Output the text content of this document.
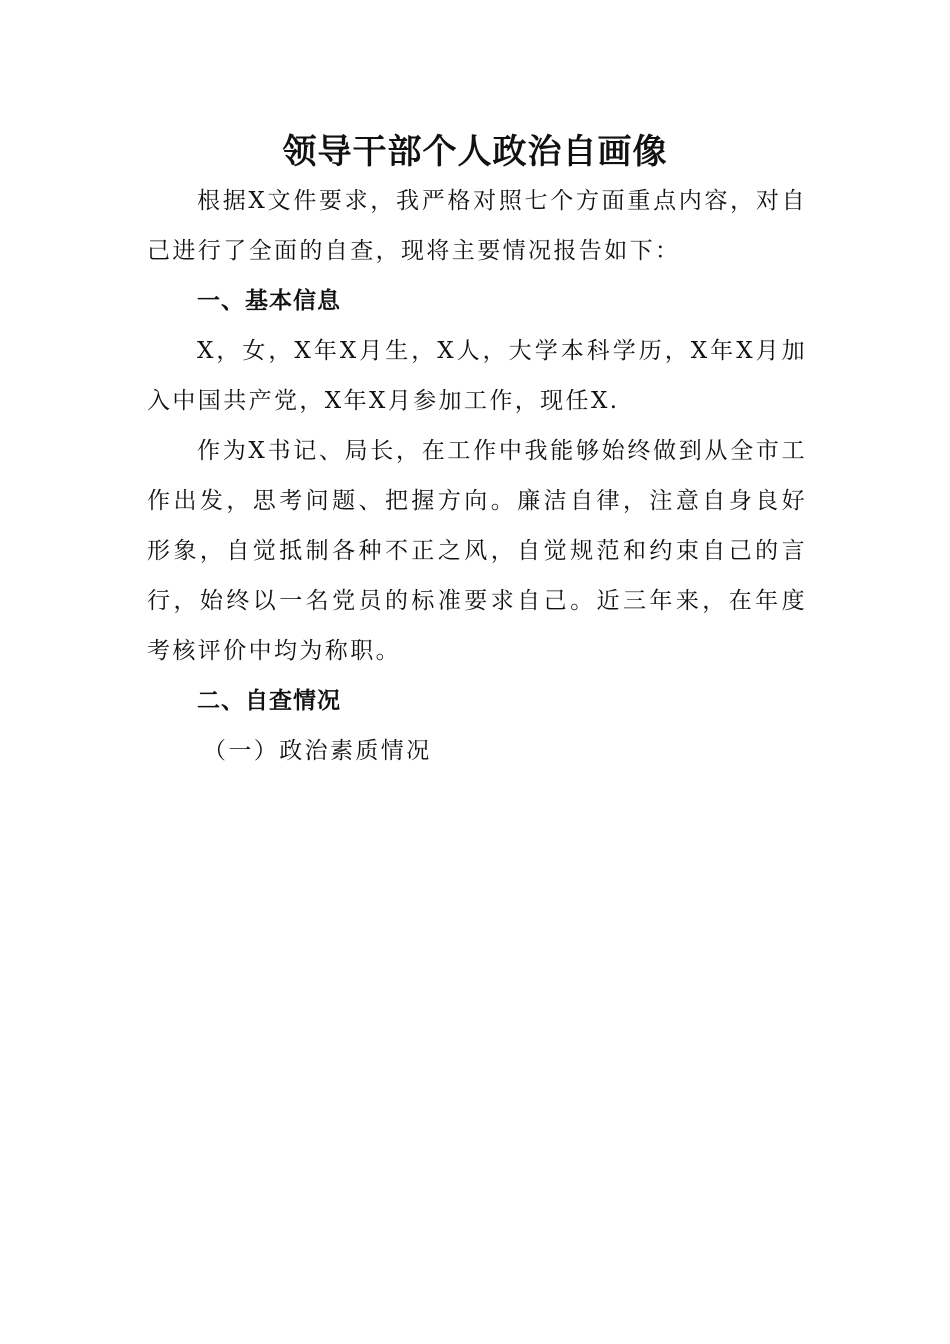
领导干部个人政治自画像

根据X文件要求，我严格对照七个方面重点内容，对自己进行了全面的自查，现将主要情况报告如下：

一、基本信息

X，女，X年X月生，X人，大学本科学历，X年X月加入中国共产党，X年X月参加工作，现任X.

作为X书记、局长，在工作中我能够始终做到从全市工作出发，思考问题、把握方向。廉洁自律，注意自身良好形象，自觉抵制各种不正之风，自觉规范和约束自己的言行，始终以一名党员的标准要求自己。近三年来，在年度考核评价中均为称职。

二、自查情况

（一）政治素质情况
